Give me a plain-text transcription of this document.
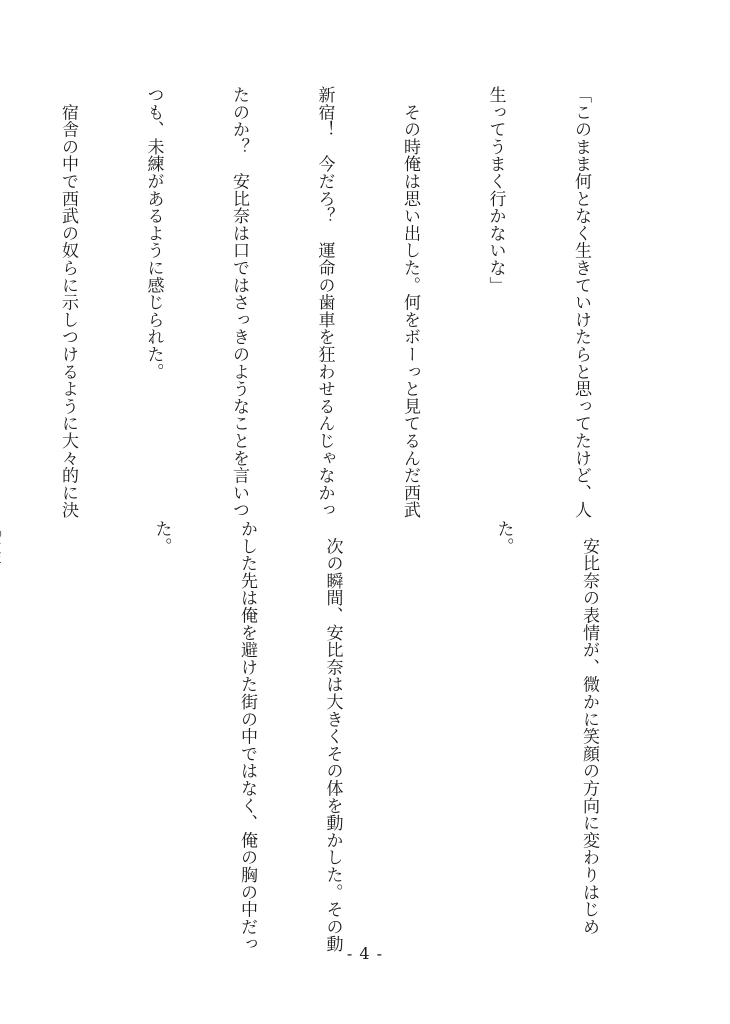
「このまま何となく生きていけたらと思ってたけど、人

生ってうまく行かないな」

　その時俺は思い出した。何をボーっと見てるんだ西武

新宿！　今だろ？　運命の歯車を狂わせるんじゃなかっ

たのか？　安比奈は口ではさっきのようなことを言いつ

つも、未練があるように感じられた。

　宿舎の中で西武の奴らに示しつけるように大々的に決

　安比奈の表情が、微かに笑顔の方向に変わりはじめ

た。

　次の瞬間、安比奈は大きくその体を動かした。その動

かした先は俺を避けた街の中ではなく、俺の胸の中だっ

た。

- 4 -
